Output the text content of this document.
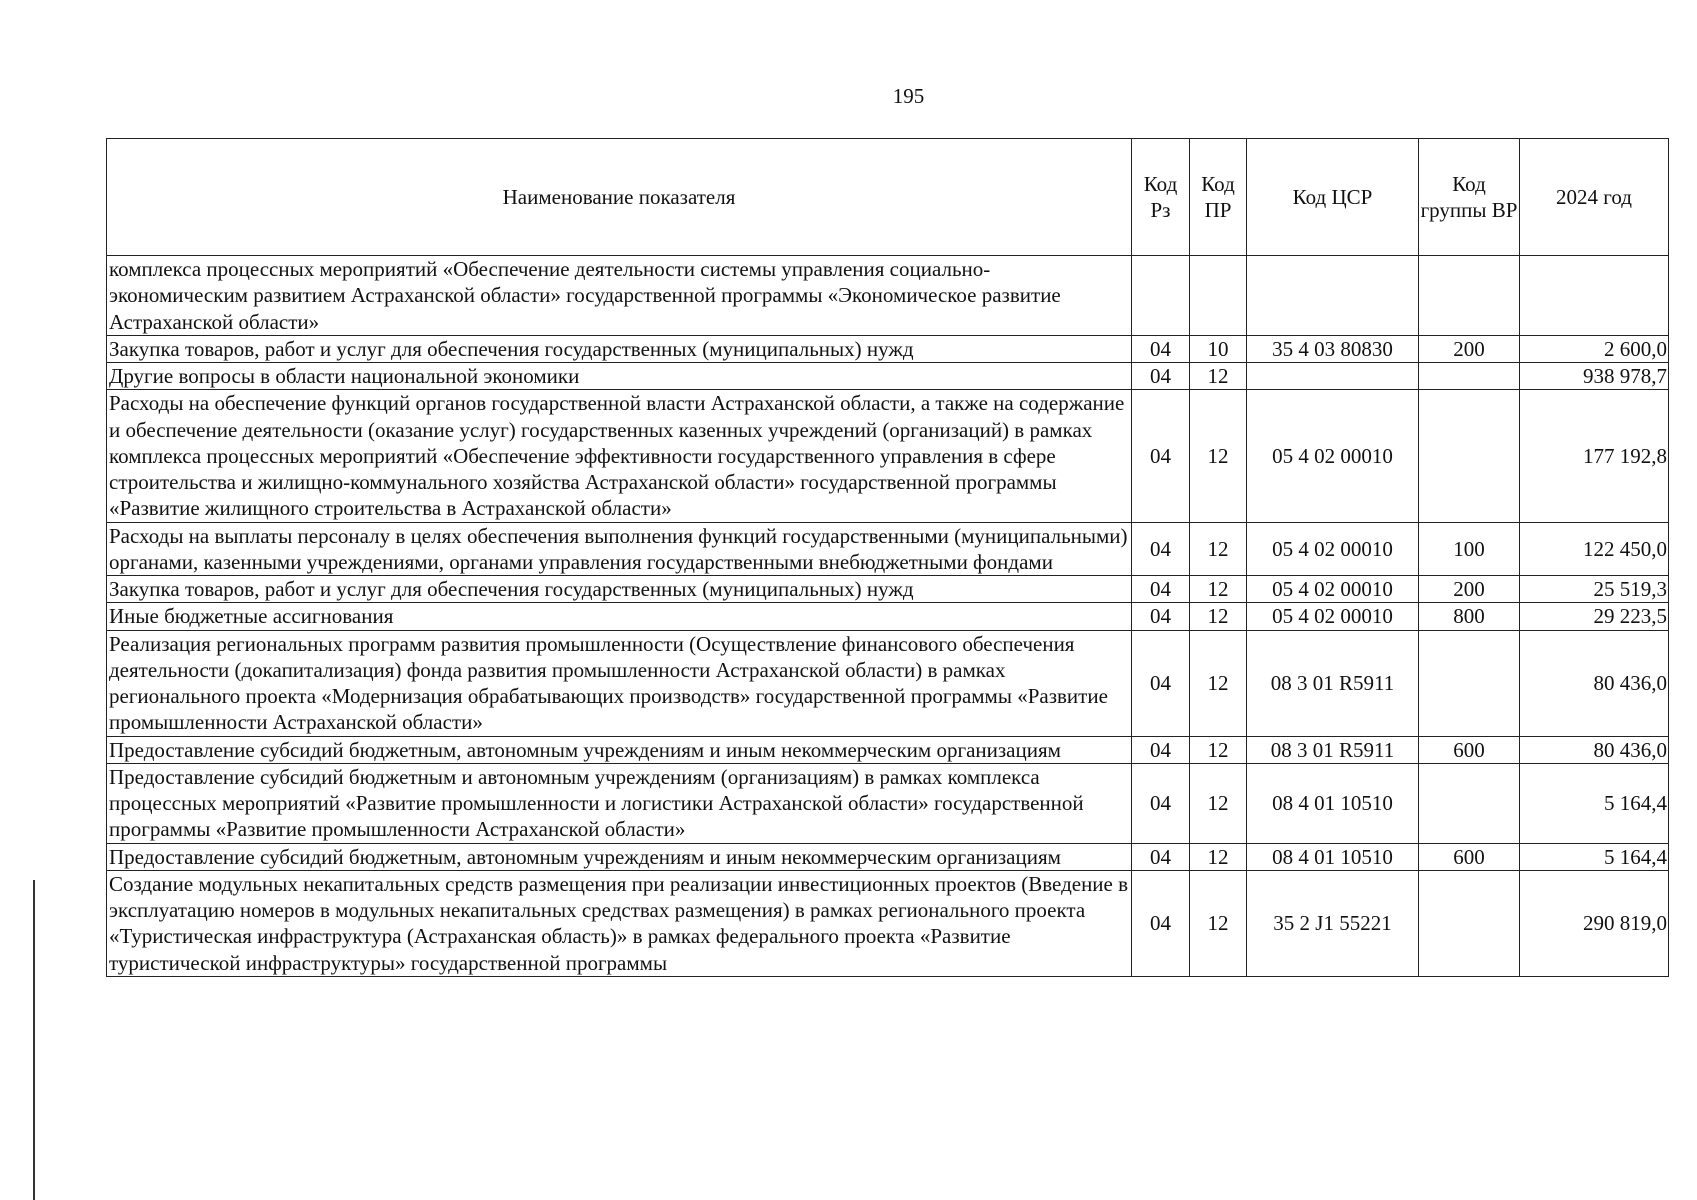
195
Наименование показателя	Код Рз	Код ПР	Код ЦСР	Код группы ВР	2024 год
комплекса процессных мероприятий «Обеспечение деятельности системы управления социально-экономическим развитием Астраханской области» государственной программы «Экономическое развитие Астраханской области»					
Закупка товаров, работ и услуг для обеспечения государственных (муниципальных) нужд	04	10	35 4 03 80830	200	2 600,0
Другие вопросы в области национальной экономики	04	12			938 978,7
Расходы на обеспечение функций органов государственной власти Астраханской области, а также на содержание и обеспечение деятельности (оказание услуг) государственных казенных учреждений (организаций) в рамках комплекса процессных мероприятий «Обеспечение эффективности государственного управления в сфере строительства и жилищно-коммунального хозяйства Астраханской области» государственной программы «Развитие жилищного строительства в Астраханской области»	04	12	05 4 02 00010		177 192,8
Расходы на выплаты персоналу в целях обеспечения выполнения функций государственными (муниципальными) органами, казенными учреждениями, органами управления государственными внебюджетными фондами	04	12	05 4 02 00010	100	122 450,0
Закупка товаров, работ и услуг для обеспечения государственных (муниципальных) нужд	04	12	05 4 02 00010	200	25 519,3
Иные бюджетные ассигнования	04	12	05 4 02 00010	800	29 223,5
Реализация региональных программ развития промышленности (Осуществление финансового обеспечения деятельности (докапитализация) фонда развития промышленности Астраханской области) в рамках регионального проекта «Модернизация обрабатывающих производств» государственной программы «Развитие промышленности Астраханской области»	04	12	08 3 01 R5911		80 436,0
Предоставление субсидий бюджетным, автономным учреждениям и иным некоммерческим организациям	04	12	08 3 01 R5911	600	80 436,0
Предоставление субсидий бюджетным и автономным учреждениям (организациям) в рамках комплекса процессных мероприятий «Развитие промышленности и логистики Астраханской области» государственной программы «Развитие промышленности Астраханской области»	04	12	08 4 01 10510		5 164,4
Предоставление субсидий бюджетным, автономным учреждениям и иным некоммерческим организациям	04	12	08 4 01 10510	600	5 164,4
Создание модульных некапитальных средств размещения при реализации инвестиционных проектов (Введение в эксплуатацию номеров в модульных некапитальных средствах размещения) в рамках регионального проекта «Туристическая инфраструктура (Астраханская область)» в рамках федерального проекта «Развитие туристической инфраструктуры» государственной программы	04	12	35 2 J1 55221		290 819,0
